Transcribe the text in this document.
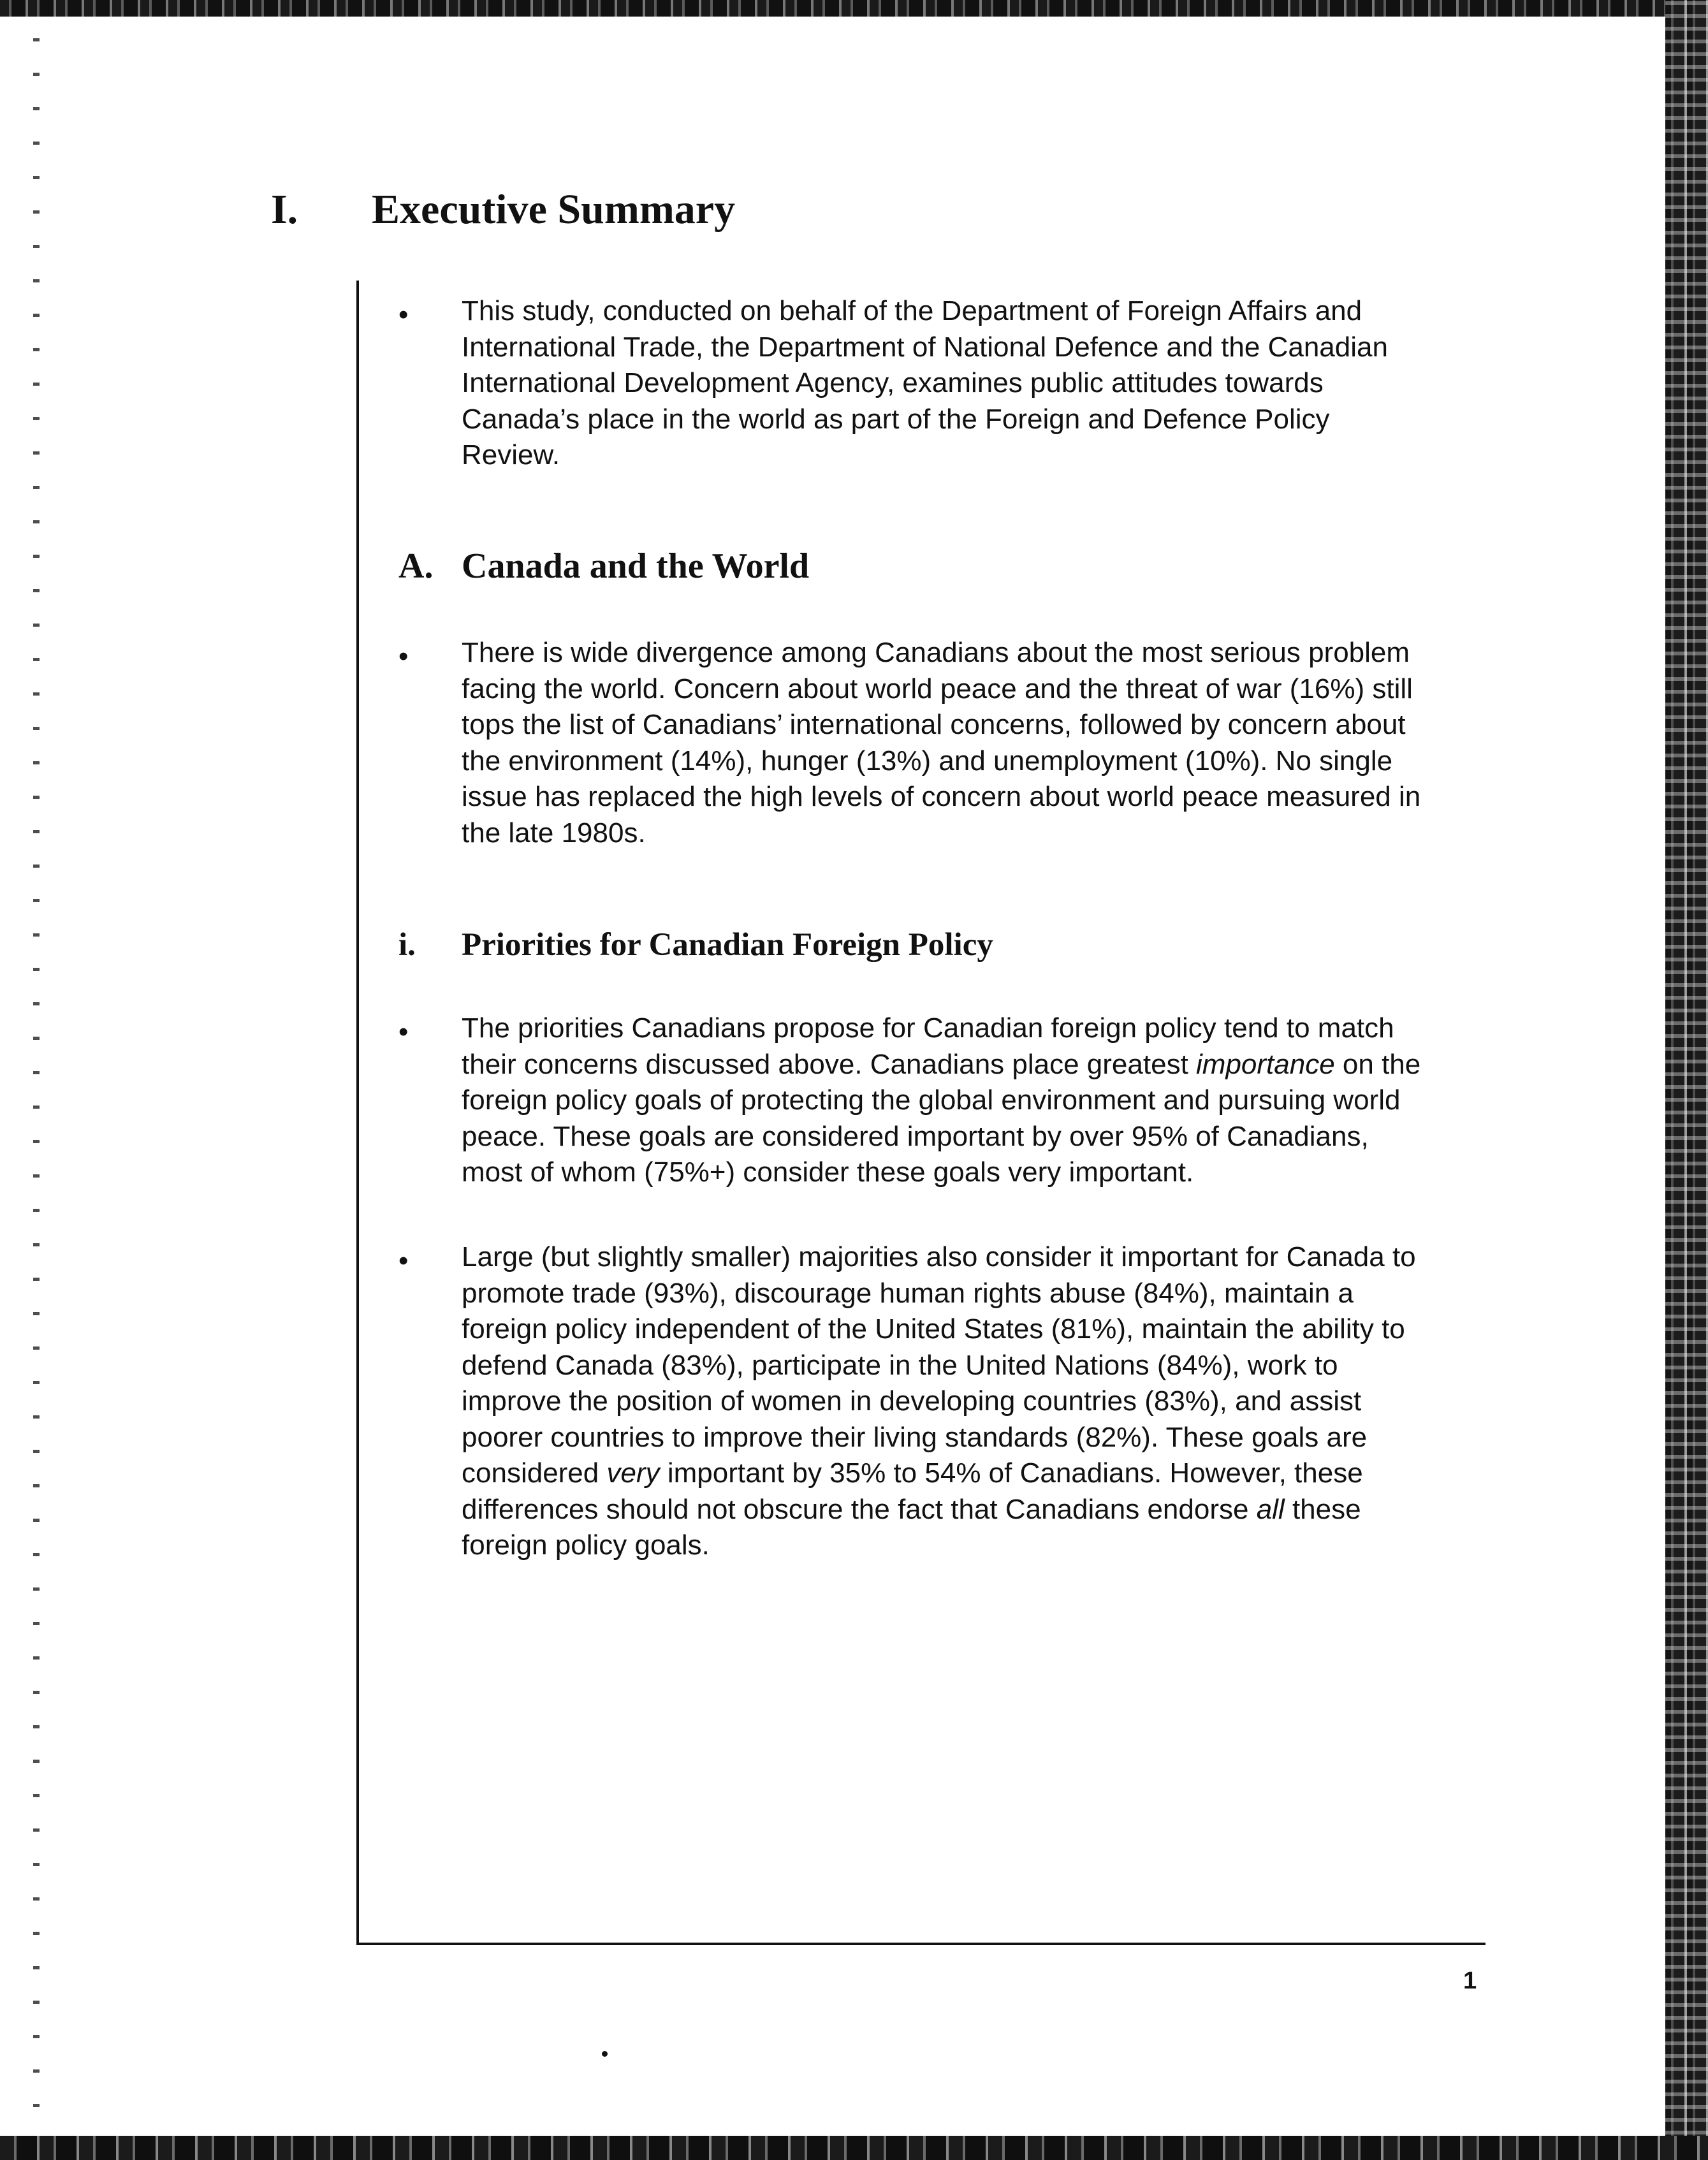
I. Executive Summary
• This study, conducted on behalf of the Department of Foreign Affairs and

International Trade, the Department of National Defence and the Canadian

International Development Agency, examines public attitudes towards

Canada’s place in the world as part of the Foreign and Defence Policy

Review.

A. Canada and the World
• There is wide divergence among Canadians about the most serious problem

facing the world. Concern about world peace and the threat of war (16%) still

tops the list of Canadians’ international concerns, followed by concern about

the environment (14%), hunger (13%) and unemployment (10%). No single

issue has replaced the high levels of concern about world peace measured in

the late 1980s.

i. Priorities for Canadian Foreign Policy
• The priorities Canadians propose for Canadian foreign policy tend to match

their concerns discussed above. Canadians place greatest importance on the

foreign policy goals of protecting the global environment and pursuing world

peace. These goals are considered important by over 95% of Canadians,

most of whom (75%+) consider these goals very important.

• Large (but slightly smaller) majorities also consider it important for Canada to

promote trade (93%), discourage human rights abuse (84%), maintain a

foreign policy independent of the United States (81%), maintain the ability to

defend Canada (83%), participate in the United Nations (84%), work to

improve the position of women in developing countries (83%), and assist

poorer countries to improve their living standards (82%). These goals are

considered very important by 35% to 54% of Canadians. However, these

differences should not obscure the fact that Canadians endorse all these

foreign policy goals.

1
